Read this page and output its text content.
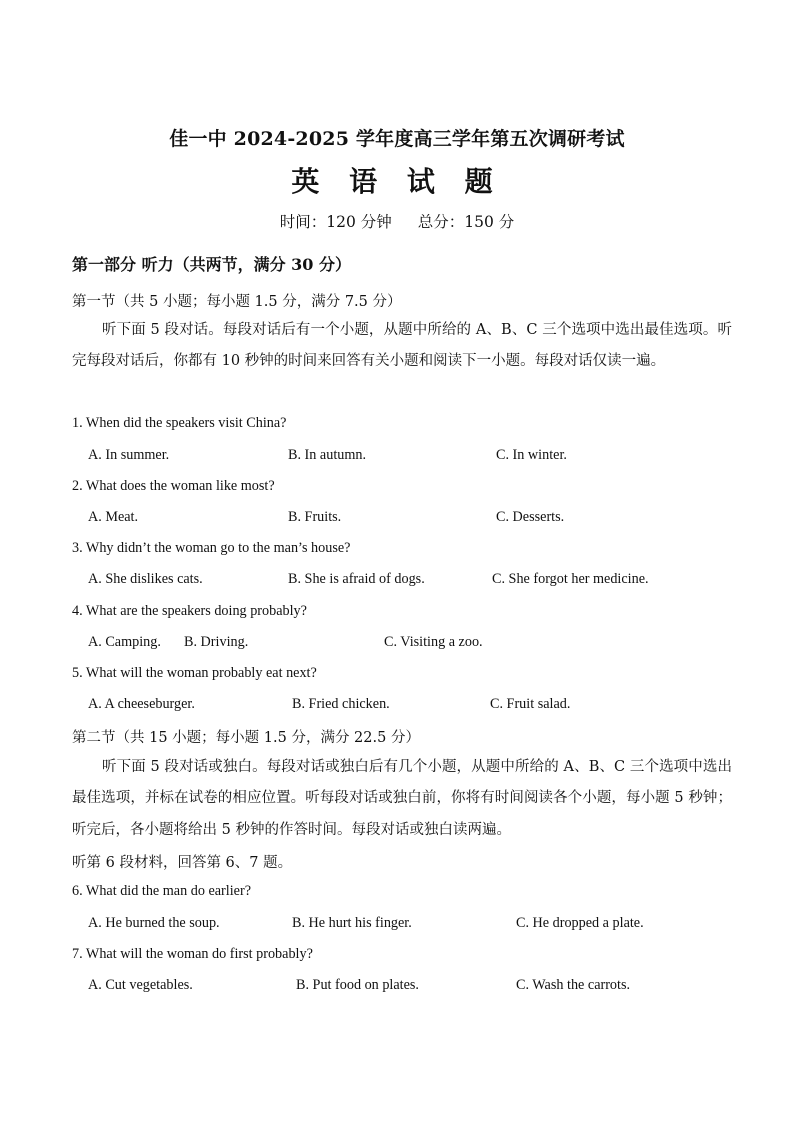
佳一中 2024-2025 学年度高三学年第五次调研考试
英 语 试 题
时间：120 分钟 总分：150 分
第一部分 听力（共两节，满分 30 分）
第一节（共 5 小题；每小题 1.5 分，满分 7.5 分）
听下面 5 段对话。每段对话后有一个小题，从题中所给的 A、B、C 三个选项中选出最佳选项。听完每段对话后，你都有 10 秒钟的时间来回答有关小题和阅读下一小题。每段对话仅读一遍。
1. When did the speakers visit China?
A. In summer.	B. In autumn.	C. In winter.
2. What does the woman like most?
A. Meat.	B. Fruits.	C. Desserts.
3. Why didn’t the woman go to the man’s house?
A. She dislikes cats.	B. She is afraid of dogs.	C. She forgot her medicine.
4. What are the speakers doing probably?
A. Camping. B. Driving.	C. Visiting a zoo.
5. What will the woman probably eat next?
A. A cheeseburger.	B. Fried chicken.	C. Fruit salad.
第二节（共 15 小题；每小题 1.5 分，满分 22.5 分）
听下面 5 段对话或独白。每段对话或独白后有几个小题，从题中所给的 A、B、C 三个选项中选出最佳选项，并标在试卷的相应位置。听每段对话或独白前，你将有时间阅读各个小题，每小题 5 秒钟；听完后，各小题将给出 5 秒钟的作答时间。每段对话或独白读两遍。
听第 6 段材料，回答第 6、7 题。
6. What did the man do earlier?
A. He burned the soup.	B. He hurt his finger.	C. He dropped a plate.
7. What will the woman do first probably?
A. Cut vegetables.	B. Put food on plates.	C. Wash the carrots.
